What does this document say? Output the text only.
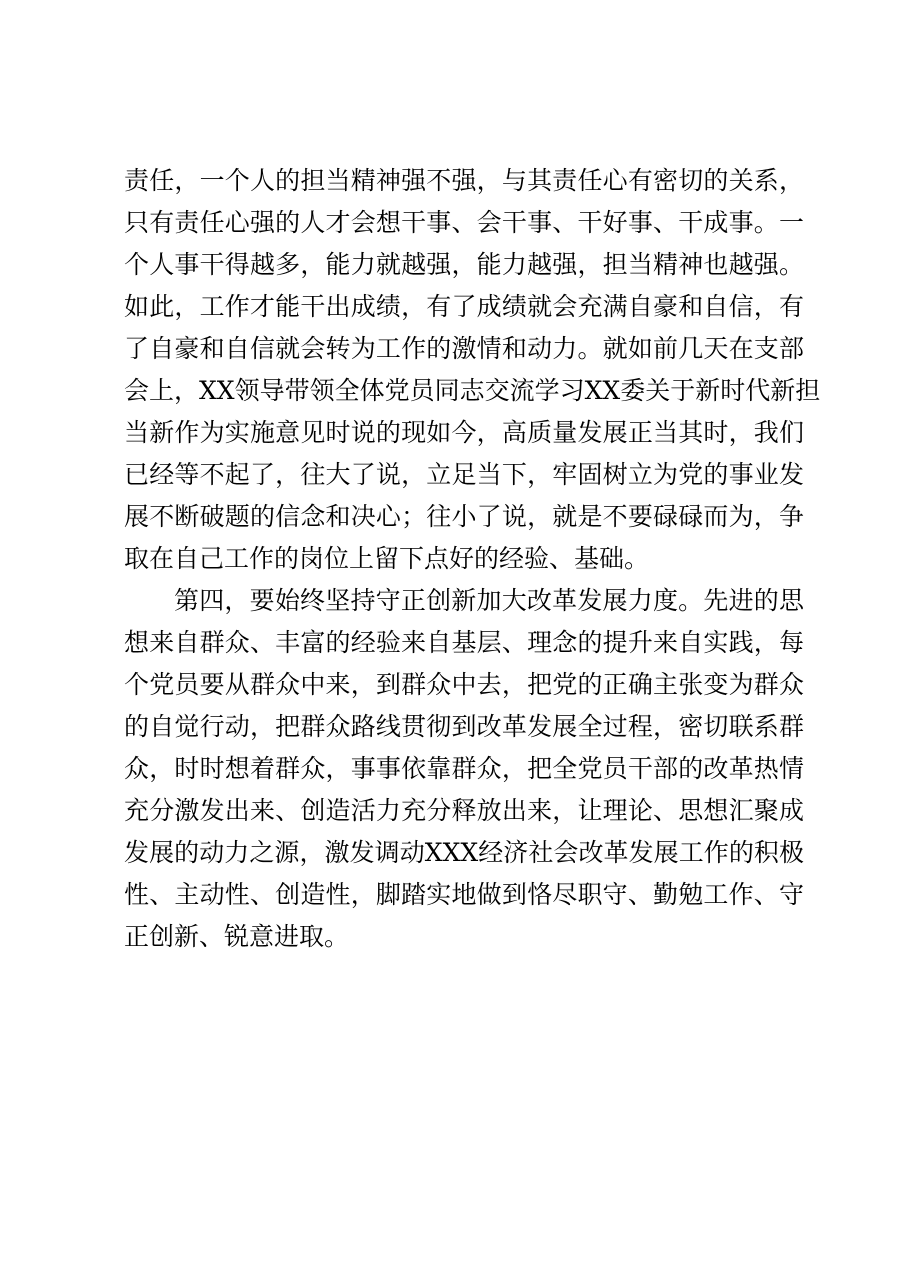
责任，一个人的担当精神强不强，与其责任心有密切的关系，
只有责任心强的人才会想干事、会干事、干好事、干成事。一
个人事干得越多，能力就越强，能力越强，担当精神也越强。
如此，工作才能干出成绩，有了成绩就会充满自豪和自信，有
了自豪和自信就会转为工作的激情和动力。就如前几天在支部
会上，XX领导带领全体党员同志交流学习XX委关于新时代新担
当新作为实施意见时说的现如今，高质量发展正当其时，我们
已经等不起了，往大了说，立足当下，牢固树立为党的事业发
展不断破题的信念和决心；往小了说，就是不要碌碌而为，争
取在自己工作的岗位上留下点好的经验、基础。
第四，要始终坚持守正创新加大改革发展力度。先进的思
想来自群众、丰富的经验来自基层、理念的提升来自实践，每
个党员要从群众中来，到群众中去，把党的正确主张变为群众
的自觉行动，把群众路线贯彻到改革发展全过程，密切联系群
众，时时想着群众，事事依靠群众，把全党员干部的改革热情
充分激发出来、创造活力充分释放出来，让理论、思想汇聚成
发展的动力之源，激发调动XXX经济社会改革发展工作的积极
性、主动性、创造性，脚踏实地做到恪尽职守、勤勉工作、守
正创新、锐意进取。
